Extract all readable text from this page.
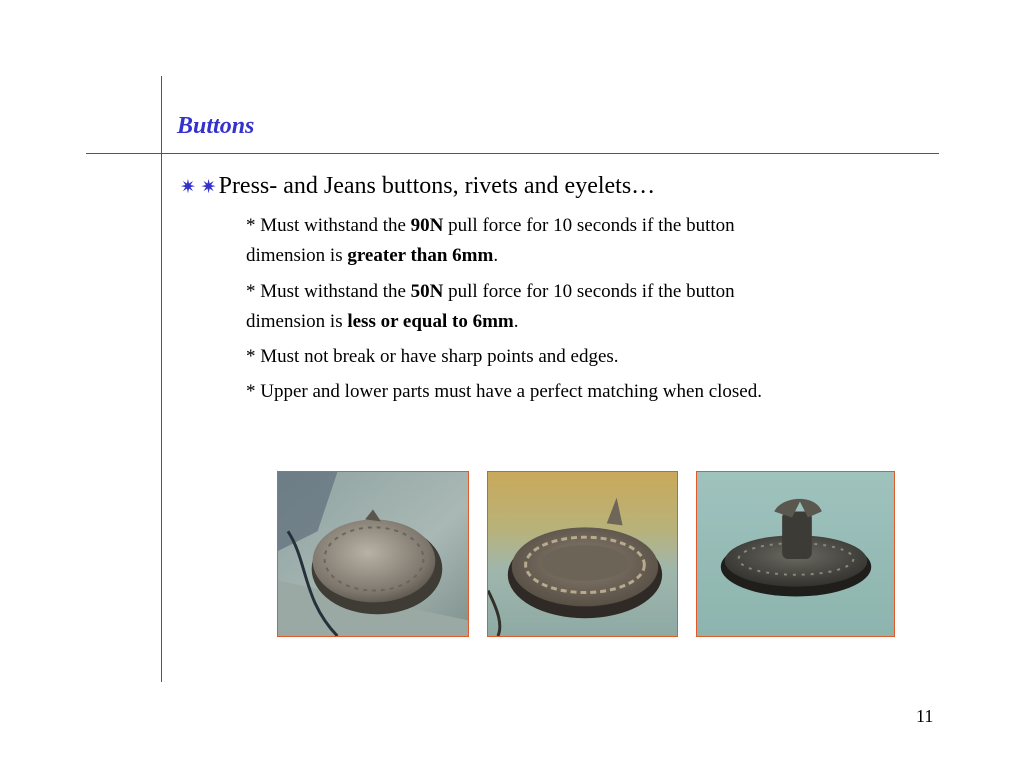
Buttons
✷ ✷Press- and Jeans buttons, rivets and eyelets…
* Must withstand the 90N pull force for 10 seconds if the button
dimension is greater than 6mm.
* Must withstand the 50N pull force for 10 seconds if the button
dimension is less or equal to 6mm.
* Must not break or have sharp points and edges.
* Upper and lower parts must have a perfect matching when closed.
11
